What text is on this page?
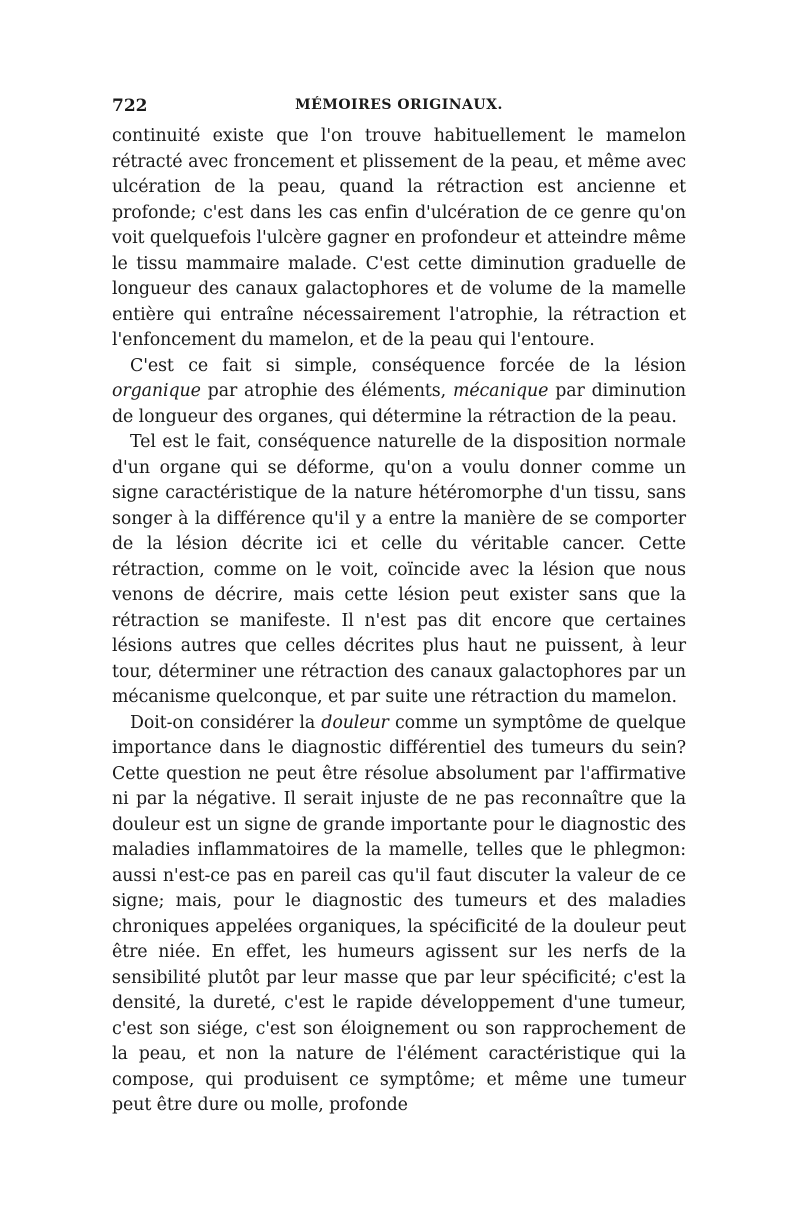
722	MÉMOIRES ORIGINAUX.

continuité existe que l'on trouve habituellement le mamelon rétracté avec froncement et plissement de la peau, et même avec ulcération de la peau, quand la rétraction est ancienne et profonde; c'est dans les cas enfin d'ulcération de ce genre qu'on voit quelquefois l'ulcère gagner en profondeur et atteindre même le tissu mammaire malade. C'est cette diminution graduelle de longueur des canaux galactophores et de volume de la mamelle entière qui entraîne nécessairement l'atrophie, la rétraction et l'enfoncement du mamelon, et de la peau qui l'entoure.

C'est ce fait si simple, conséquence forcée de la lésion organique par atrophie des éléments, mécanique par diminution de longueur des organes, qui détermine la rétraction de la peau.

Tel est le fait, conséquence naturelle de la disposition normale d'un organe qui se déforme, qu'on a voulu donner comme un signe caractéristique de la nature hétéromorphe d'un tissu, sans songer à la différence qu'il y a entre la manière de se comporter de la lésion décrite ici et celle du véritable cancer. Cette rétraction, comme on le voit, coïncide avec la lésion que nous venons de décrire, mais cette lésion peut exister sans que la rétraction se manifeste. Il n'est pas dit encore que certaines lésions autres que celles décrites plus haut ne puissent, à leur tour, déterminer une rétraction des canaux galactophores par un mécanisme quelconque, et par suite une rétraction du mamelon.

Doit-on considérer la douleur comme un symptôme de quelque importance dans le diagnostic différentiel des tumeurs du sein? Cette question ne peut être résolue absolument par l'affirmative ni par la négative. Il serait injuste de ne pas reconnaître que la douleur est un signe de grande importante pour le diagnostic des maladies inflammatoires de la mamelle, telles que le phlegmon: aussi n'est-ce pas en pareil cas qu'il faut discuter la valeur de ce signe; mais, pour le diagnostic des tumeurs et des maladies chroniques appelées organiques, la spécificité de la douleur peut être niée. En effet, les humeurs agissent sur les nerfs de la sensibilité plutôt par leur masse que par leur spécificité; c'est la densité, la dureté, c'est le rapide développement d'une tumeur, c'est son siége, c'est son éloignement ou son rapprochement de la peau, et non la nature de l'élément caractéristique qui la compose, qui produisent ce symptôme; et même une tumeur peut être dure ou molle, profonde
